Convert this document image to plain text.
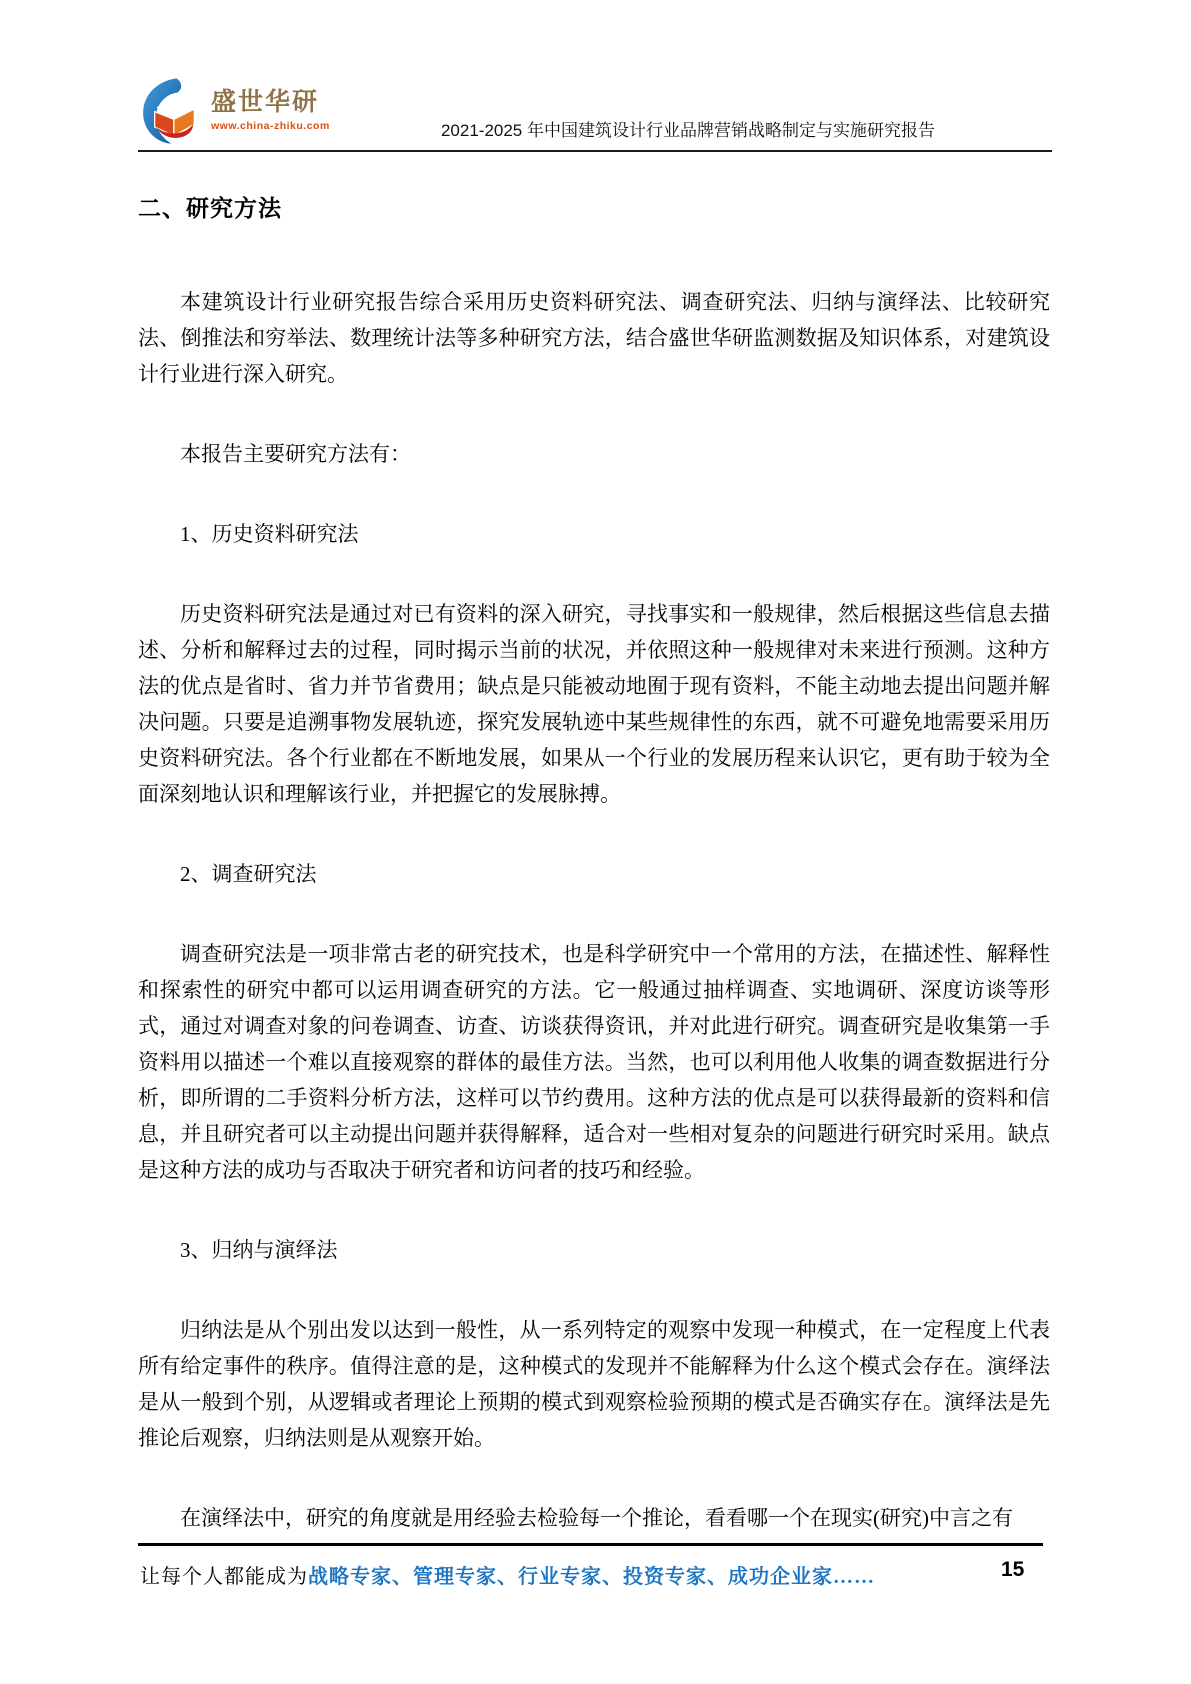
盛世华研
www.china-zhiku.com	2021-2025 年中国建筑设计行业品牌营销战略制定与实施研究报告
二、研究方法

本建筑设计行业研究报告综合采用历史资料研究法、调查研究法、归纳与演绎法、比较研究法、倒推法和穷举法、数理统计法等多种研究方法，结合盛世华研监测数据及知识体系，对建筑设计行业进行深入研究。

本报告主要研究方法有：

1、历史资料研究法

历史资料研究法是通过对已有资料的深入研究，寻找事实和一般规律，然后根据这些信息去描述、分析和解释过去的过程，同时揭示当前的状况，并依照这种一般规律对未来进行预测。这种方法的优点是省时、省力并节省费用；缺点是只能被动地囿于现有资料，不能主动地去提出问题并解决问题。只要是追溯事物发展轨迹，探究发展轨迹中某些规律性的东西，就不可避免地需要采用历史资料研究法。各个行业都在不断地发展，如果从一个行业的发展历程来认识它，更有助于较为全面深刻地认识和理解该行业，并把握它的发展脉搏。

2、调查研究法

调查研究法是一项非常古老的研究技术，也是科学研究中一个常用的方法，在描述性、解释性和探索性的研究中都可以运用调查研究的方法。它一般通过抽样调查、实地调研、深度访谈等形式，通过对调查对象的问卷调查、访查、访谈获得资讯，并对此进行研究。调查研究是收集第一手资料用以描述一个难以直接观察的群体的最佳方法。当然，也可以利用他人收集的调查数据进行分析，即所谓的二手资料分析方法，这样可以节约费用。这种方法的优点是可以获得最新的资料和信息，并且研究者可以主动提出问题并获得解释，适合对一些相对复杂的问题进行研究时采用。缺点是这种方法的成功与否取决于研究者和访问者的技巧和经验。

3、归纳与演绎法

归纳法是从个别出发以达到一般性，从一系列特定的观察中发现一种模式，在一定程度上代表所有给定事件的秩序。值得注意的是，这种模式的发现并不能解释为什么这个模式会存在。演绎法是从一般到个别，从逻辑或者理论上预期的模式到观察检验预期的模式是否确实存在。演绎法是先推论后观察，归纳法则是从观察开始。

在演绎法中，研究的角度就是用经验去检验每一个推论，看看哪一个在现实(研究)中言之有

让每个人都能成为战略专家、管理专家、行业专家、投资专家、成功企业家……	15
